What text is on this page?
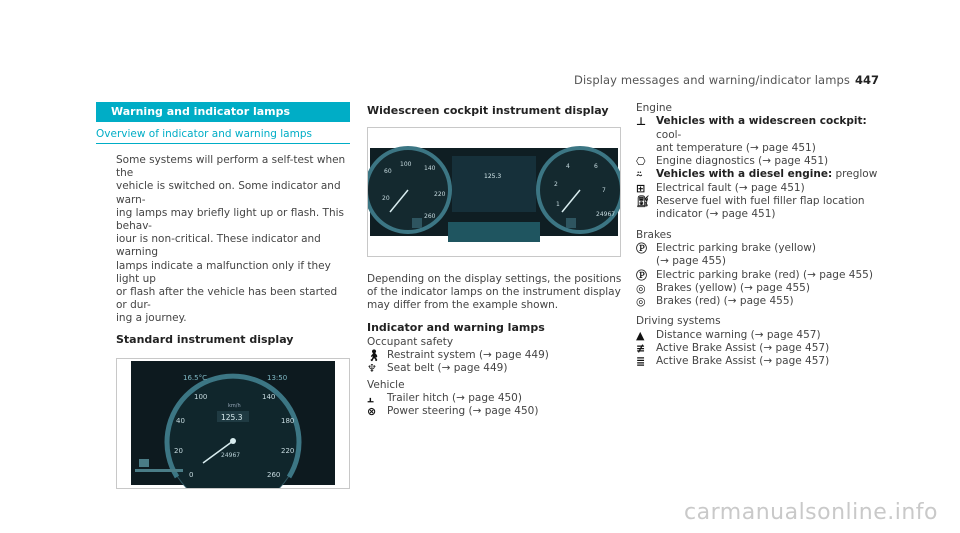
Display messages and warning/indicator lamps 447
Warning and indicator lamps
Overview of indicator and warning lamps
Some systems will perform a self-test when the
vehicle is switched on. Some indicator and warn-
ing lamps may briefly light up or flash. This behav-
iour is non-critical. These indicator and warning
lamps indicate a malfunction only if they light up
or flash after the vehicle has been started or dur-
ing a journey.
Standard instrument display
16.5°C	13:50
0
20
40
100	140
180
220
260
km/h
125.3
24967
Widescreen cockpit instrument display
60
100
140
220
260
20
1
2
4	6
7
24967
125.3
Depending on the display settings, the positions
of the indicator lamps on the instrument display
may differ from the example shown.
Indicator and warning lamps
Occupant safety
🚶︎ Restraint system (→ page 449)
♆ Seat belt (→ page 449)
Vehicle
⫠	Trailer hitch (→ page 450)
⊗	Power steering (→ page 450)
Engine
⊥ Vehicles with a widescreen cockpit: cool-
ant temperature (→ page 451)
⎔ Engine diagnostics (→ page 451)
⍨	Vehicles with a diesel engine: preglow
⊞	Electrical fault (→ page 451)
⛽︎ Reserve fuel with fuel filler flap location
indicator (→ page 451)
Brakes
Ⓟ Electric parking brake (yellow)
(→ page 455)
Ⓟ Electric parking brake (red) (→ page 455)
◎ Brakes (yellow) (→ page 455)
◎ Brakes (red) (→ page 455)
Driving systems
▲	Distance warning (→ page 457)
≢	Active Brake Assist (→ page 457)
≣	Active Brake Assist (→ page 457)
carmanualsonline.info
